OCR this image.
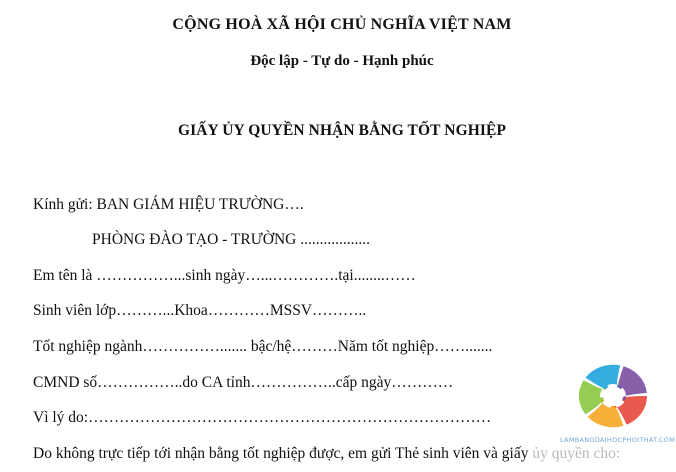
CỘNG HOÀ XÃ HỘI CHỦ NGHĨA VIỆT NAM
Độc lập - Tự do - Hạnh phúc
GIẤY ỦY QUYỀN NHẬN BẰNG TỐT NGHIỆP
Kính gửi: BAN GIÁM HIỆU TRƯỜNG….
PHÒNG ĐÀO TẠO - TRƯỜNG ..................
Em tên là ……………...sinh ngày…...………….tại........……
Sinh viên lớp………...Khoa…………MSSV………..
Tốt nghiệp ngành……………....... bậc/hệ………Năm tốt nghiệp…….......
CMND số……………..do CA tỉnh……………..cấp ngày…………
Vì lý do:……………………………………………………………………
Do không trực tiếp tới nhận bằng tốt nghiệp được, em gửi Thẻ sinh viên và giấy ủy quyền cho:
LAMBANGDAIHOCPHOITHAT.COM
